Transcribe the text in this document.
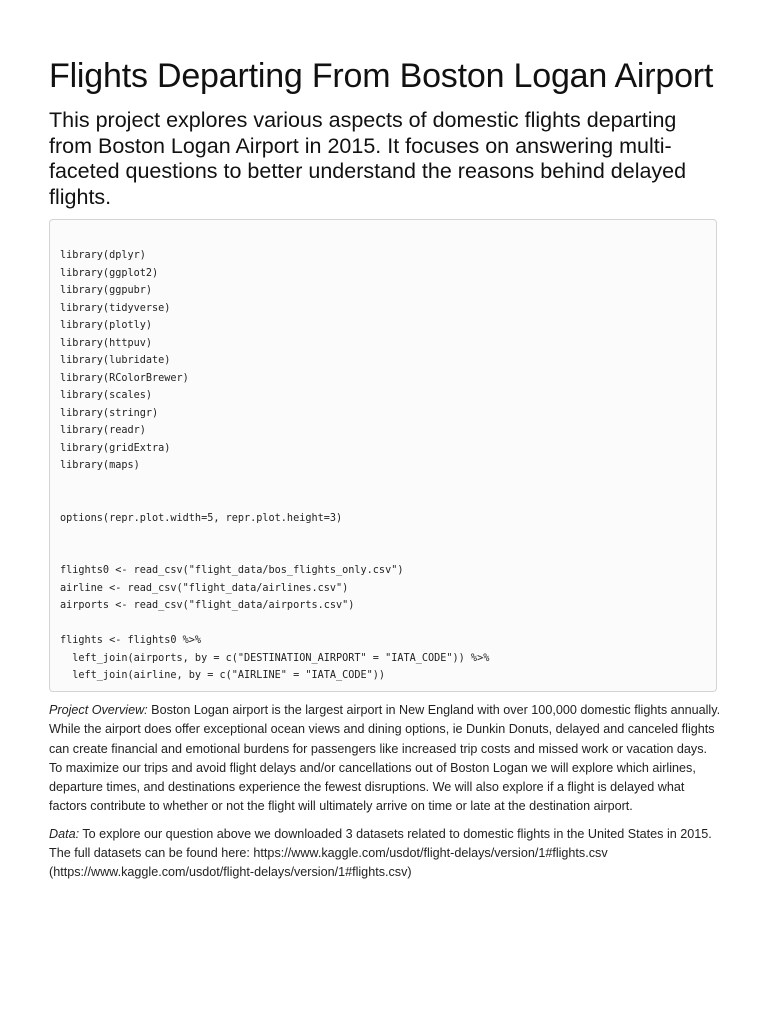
Flights Departing From Boston Logan Airport

This project explores various aspects of domestic flights departing from Boston Logan Airport in 2015. It focuses on answering multi-faceted questions to better understand the reasons behind delayed flights.

library(dplyr)
library(ggplot2)
library(ggpubr)
library(tidyverse)
library(plotly)
library(httpuv)
library(lubridate)
library(RColorBrewer)
library(scales)
library(stringr)
library(readr)
library(gridExtra)
library(maps)
options(repr.plot.width=5, repr.plot.height=3)
flights0 <- read_csv("flight_data/bos_flights_only.csv")
airline <- read_csv("flight_data/airlines.csv")
airports <- read_csv("flight_data/airports.csv")
flights <- flights0 %>%
left_join(airports, by = c("DESTINATION_AIRPORT" = "IATA_CODE")) %>%
left_join(airline, by = c("AIRLINE" = "IATA_CODE"))

Project Overview: Boston Logan airport is the largest airport in New England with over 100,000 domestic flights annually. While the airport does offer exceptional ocean views and dining options, ie Dunkin Donuts, delayed and canceled flights can create financial and emotional burdens for passengers like increased trip costs and missed work or vacation days. To maximize our trips and avoid flight delays and/or cancellations out of Boston Logan we will explore which airlines, departure times, and destinations experience the fewest disruptions. We will also explore if a flight is delayed what factors contribute to whether or not the flight will ultimately arrive on time or late at the destination airport.

Data: To explore our question above we downloaded 3 datasets related to domestic flights in the United States in 2015. The full datasets can be found here: https://www.kaggle.com/usdot/flight-delays/version/1#flights.csv (https://www.kaggle.com/usdot/flight-delays/version/1#flights.csv)
